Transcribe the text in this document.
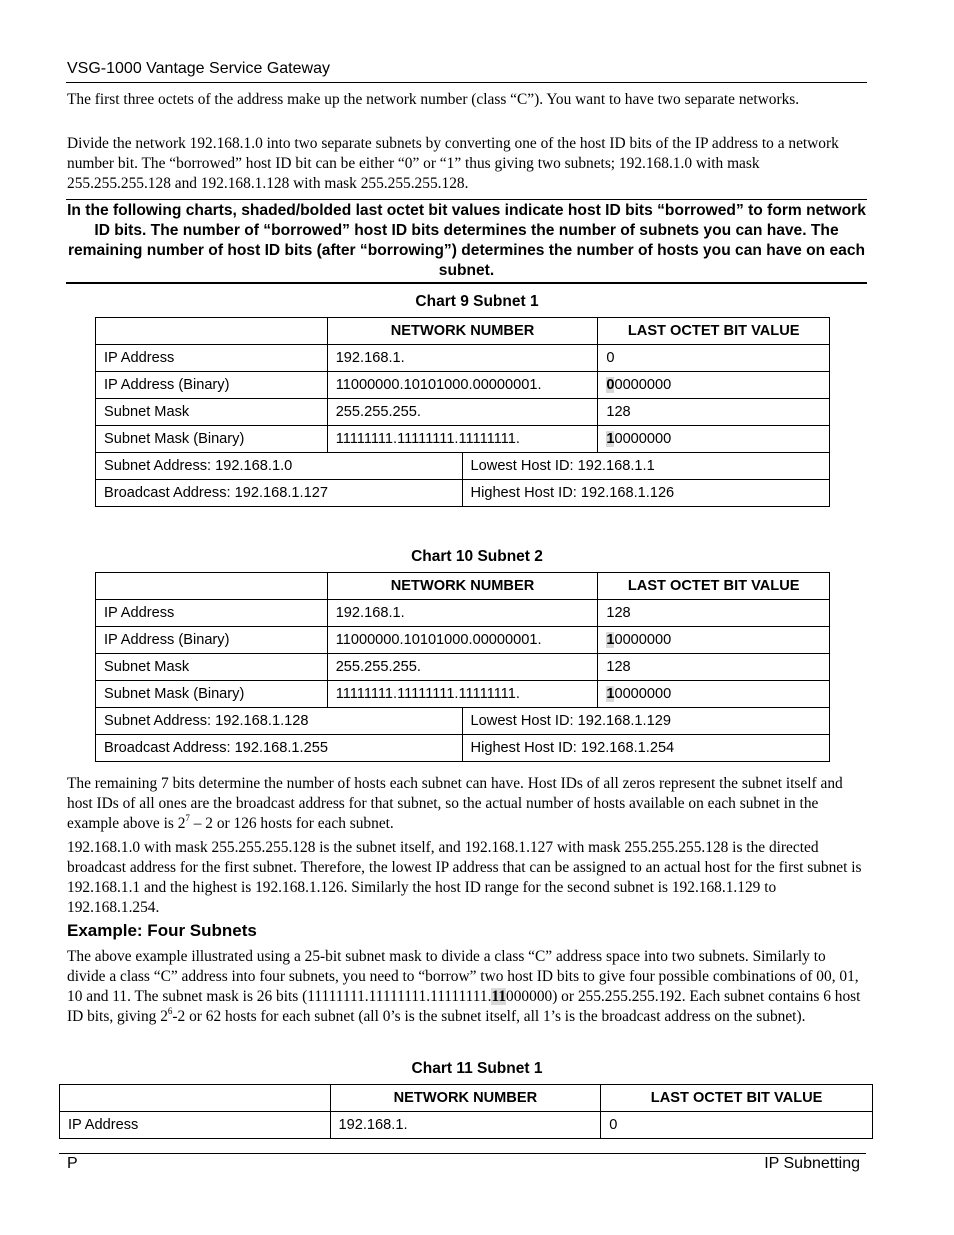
VSG-1000 Vantage Service Gateway
The first three octets of the address make up the network number (class “C”). You want to have two separate networks.
Divide the network 192.168.1.0 into two separate subnets by converting one of the host ID bits of the IP address to a network number bit. The “borrowed” host ID bit can be either “0” or “1” thus giving two subnets; 192.168.1.0 with mask 255.255.255.128 and 192.168.1.128 with mask 255.255.255.128.
In the following charts, shaded/bolded last octet bit values indicate host ID bits “borrowed” to form network ID bits. The number of “borrowed” host ID bits determines the number of subnets you can have. The remaining number of host ID bits (after “borrowing”) determines the number of hosts you can have on each subnet.
Chart 9 Subnet 1
	NETWORK NUMBER		LAST OCTET BIT VALUE
IP Address	192.168.1.		0
IP Address (Binary)	11000000.10101000.00000001.		00000000
Subnet Mask	255.255.255.		128
Subnet Mask (Binary)	11111111.11111111.11111111.		10000000
Subnet Address: 192.168.1.0		Lowest Host ID: 192.168.1.1	
Broadcast Address: 192.168.1.127		Highest Host ID: 192.168.1.126	
Chart 10 Subnet 2
	NETWORK NUMBER		LAST OCTET BIT VALUE
IP Address	192.168.1.		128
IP Address (Binary)	11000000.10101000.00000001.		10000000
Subnet Mask	255.255.255.		128
Subnet Mask (Binary)	11111111.11111111.11111111.		10000000
Subnet Address: 192.168.1.128		Lowest Host ID: 192.168.1.129	
Broadcast Address: 192.168.1.255		Highest Host ID: 192.168.1.254	
The remaining 7 bits determine the number of hosts each subnet can have. Host IDs of all zeros represent the subnet itself and host IDs of all ones are the broadcast address for that subnet, so the actual number of hosts available on each subnet in the example above is $2^7 - 2$ or 126 hosts for each subnet.
192.168.1.0 with mask 255.255.255.128 is the subnet itself, and 192.168.1.127 with mask 255.255.255.128 is the directed broadcast address for the first subnet. Therefore, the lowest IP address that can be assigned to an actual host for the first subnet is 192.168.1.1 and the highest is 192.168.1.126. Similarly the host ID range for the second subnet is 192.168.1.129 to 192.168.1.254.
Example: Four Subnets
The above example illustrated using a 25-bit subnet mask to divide a class “C” address space into two subnets. Similarly to divide a class “C” address into four subnets, you need to “borrow” two host ID bits to give four possible combinations of 00, 01, 10 and 11. The subnet mask is 26 bits (11111111.11111111.11111111.11000000) or 255.255.255.192. Each subnet contains 6 host ID bits, giving $2^6-2$ or 62 hosts for each subnet (all 0’s is the subnet itself, all 1’s is the broadcast address on the subnet).
Chart 11 Subnet 1
	NETWORK NUMBER	LAST OCTET BIT VALUE
IP Address	192.168.1.	0
P	IP Subnetting
